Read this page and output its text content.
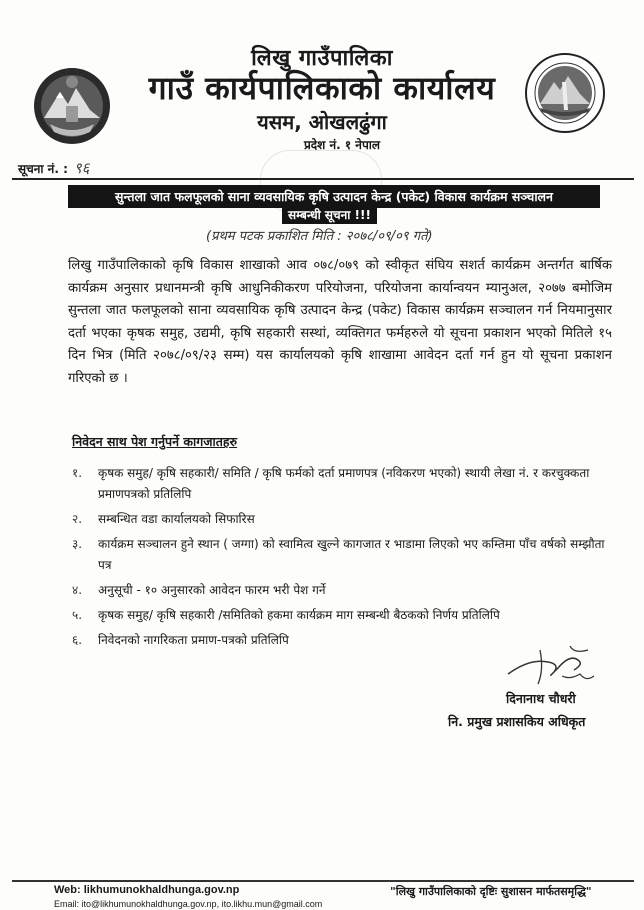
लिखु गाउँपालिका
गाउँ कार्यपालिकाको कार्यालय
यसम, ओखलढुंगा
प्रदेश नं. १ नेपाल
सूचना नं. : ९६
सुन्तला जात फलफूलको साना व्यवसायिक कृषि उत्पादन केन्द्र (पकेट) विकास कार्यक्रम सञ्चालन
सम्बन्धी सूचना !!!
(प्रथम पटक प्रकाशित मिति : २०७८/०९/०९ गते)
लिखु गाउँपालिकाको कृषि विकास शाखाको आव ०७८/०७९ को स्वीकृत संघिय सशर्त कार्यक्रम अन्तर्गत बार्षिक कार्यक्रम अनुसार प्रधानमन्त्री कृषि आधुनिकीकरण परियोजना, परियोजना कार्यान्वयन म्यानुअल, २०७७ बमोजिम सुन्तला जात फलफूलको साना व्यवसायिक कृषि उत्पादन केन्द्र (पकेट) विकास कार्यक्रम सञ्चालन गर्न नियमानुसार दर्ता भएका कृषक समुह, उद्यमी, कृषि सहकारी सस्थां, व्यक्तिगत फर्महरुले यो सूचना प्रकाशन भएको मितिले १५ दिन भित्र (मिति २०७८/०९/२३ सम्म) यस कार्यालयको कृषि शाखामा आवेदन दर्ता गर्न हुन यो सूचना प्रकाशन गरिएको छ ।
निवेदन साथ पेश गर्नुपर्ने कागजातहरु
१.	कृषक समुह/ कृषि सहकारी/ समिति / कृषि फर्मको दर्ता प्रमाणपत्र (नविकरण भएको) स्थायी लेखा नं. र करचुक्कता प्रमाणपत्रको प्रतिलिपि
२.	सम्बन्धित वडा कार्यालयको सिफारिस
३.	कार्यक्रम सञ्चालन हुने स्थान ( जग्गा) को स्वामित्व खुल्ने कागजात र भाडामा लिएको भए कम्तिमा पाँच वर्षको सम्झौता पत्र
४.	अनुसूची - १० अनुसारको आवेदन फारम भरी पेश गर्ने
५.	कृषक समुह/ कृषि सहकारी /समितिको हकमा कार्यक्रम माग सम्बन्धी बैठकको निर्णय प्रतिलिपि
६.	निवेदनको नागरिकता प्रमाण-पत्रको प्रतिलिपि
दिनानाथ चौधरी
नि. प्रमुख प्रशासकिय अधिकृत
Web: likhumunokhaldhunga.gov.np
Email: ito@likhumunokhaldhunga.gov.np, ito.likhu.mun@gmail.com
"लिखु गाउँपालिकाको दृष्टिः सुशासन मार्फतसमृद्धि"
